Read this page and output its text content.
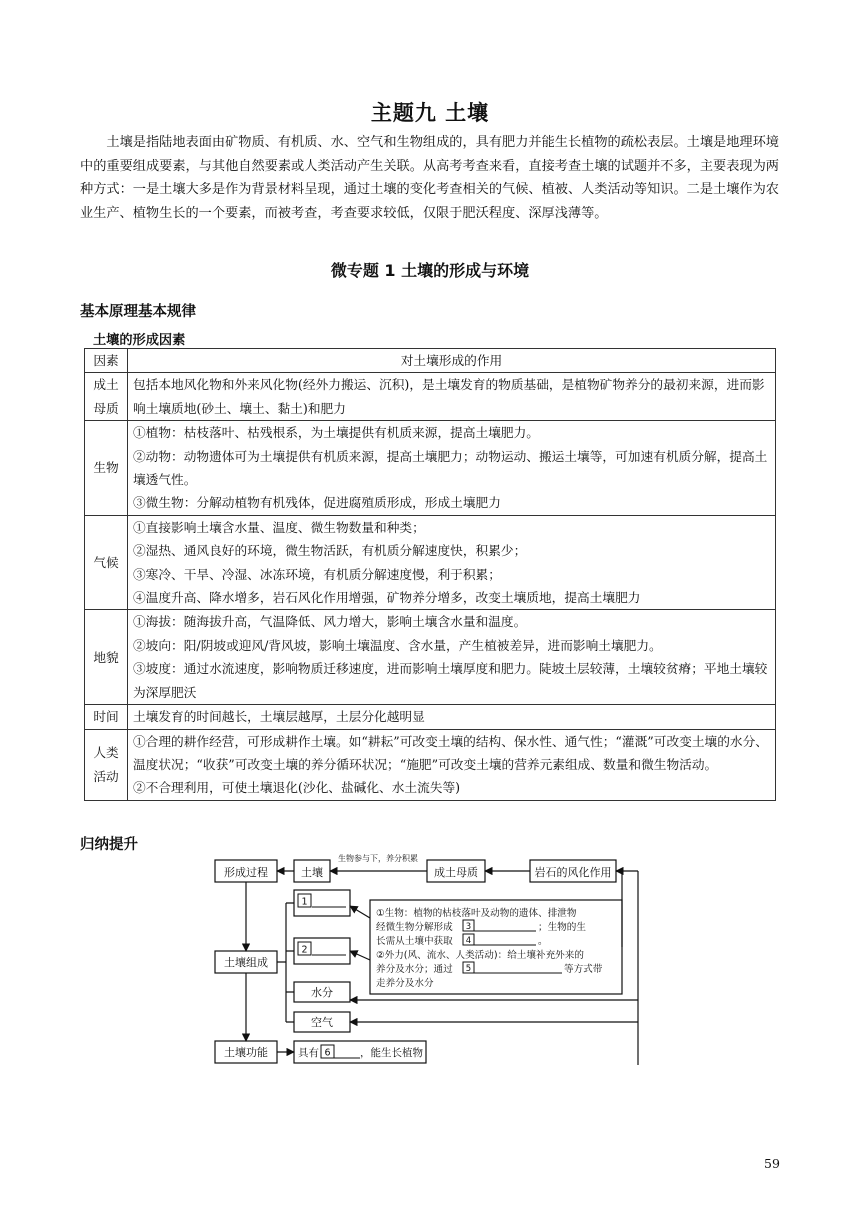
主题九 土壤

土壤是指陆地表面由矿物质、有机质、水、空气和生物组成的，具有肥力并能生长植物的疏松表层。土壤是地理环境中的重要组成要素，与其他自然要素或人类活动产生关联。从高考考查来看，直接考查土壤的试题并不多，主要表现为两种方式：一是土壤大多是作为背景材料呈现，通过土壤的变化考查相关的气候、植被、人类活动等知识。二是土壤作为农业生产、植物生长的一个要素，而被考查，考查要求较低，仅限于肥沃程度、深厚浅薄等。

微专题 1 土壤的形成与环境
基本原理基本规律
土壤的形成因素
因素	对土壤形成的作用

成土
母质	包括本地风化物和外来风化物(经外力搬运、沉积)，是土壤发育的物质基础，是植物矿物养分的最初来源，进而影响土壤质地(砂土、壤土、黏土)和肥力

生物	①植物：枯枝落叶、枯残根系，为土壤提供有机质来源，提高土壤肥力。
②动物：动物遗体可为土壤提供有机质来源，提高土壤肥力；动物运动、搬运土壤等，可加速有机质分解，提高土壤透气性。
③微生物：分解动植物有机残体，促进腐殖质形成，形成土壤肥力

气候	①直接影响土壤含水量、温度、微生物数量和种类；
②湿热、通风良好的环境，微生物活跃，有机质分解速度快，积累少；
③寒冷、干旱、冷湿、冰冻环境，有机质分解速度慢，利于积累；
④温度升高、降水增多，岩石风化作用增强，矿物养分增多，改变土壤质地，提高土壤肥力

地貌	①海拔：随海拔升高，气温降低、风力增大，影响土壤含水量和温度。
②坡向：阳/阴坡或迎风/背风坡，影响土壤温度、含水量，产生植被差异，进而影响土壤肥力。
③坡度：通过水流速度，影响物质迁移速度，进而影响土壤厚度和肥力。陡坡土层较薄，土壤较贫瘠；平地土壤较为深厚肥沃

时间	土壤发育的时间越长，土壤层越厚，土层分化越明显

人类
活动	①合理的耕作经营，可形成耕作土壤。如“耕耘”可改变土壤的结构、保水性、通气性；“灌溉”可改变土壤的水分、温度状况；“收获”可改变土壤的养分循环状况；“施肥”可改变土壤的营养元素组成、数量和微生物活动。
②不合理利用，可使土壤退化(沙化、盐碱化、水土流失等)
归纳提升
形成过程	土壤
生物参与下，养分积累
成土母质	岩石的风化作用
土壤组成
1
2
水分
空气
土壤功能	具有 6	，能生长植物
①生物：植物的枯枝落叶及动物的遗体、排泄物
经微生物分解形成 3	；生物的生
长需从土壤中获取 4	。
②外力(风、流水、人类活动)：给土壤补充外来的
养分及水分；通过 5	等方式带
走养分及水分
59
